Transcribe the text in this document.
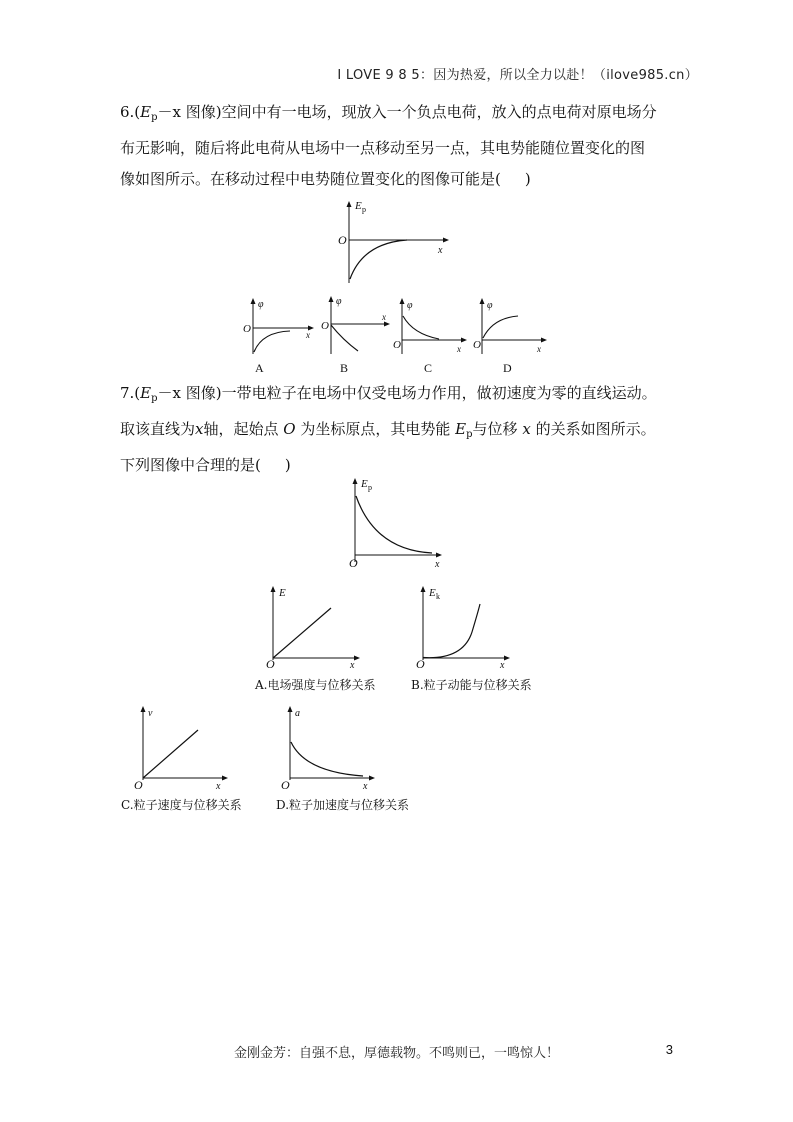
I LOVE 9 8 5：因为热爱，所以全力以赴！（ilove985.cn）
$6.(E_p-x$ 图像)空间中有一电场，现放入一个负点电荷，放入的点电荷对原电场分
布无影响，随后将此电荷从电场中一点移动至另一点，其电势能随位置变化的图
像如图所示。在移动过程中电势随位置变化的图像可能是( )
E p
x
O
φ
x
O
φ
x
O
φ
x
O
φ
x
O
A	B	C	D
$7.(E_p-x$ 图像)一带电粒子在电场中仅受电场力作用，做初速度为零的直线运动。
取该直线为x轴，起始点 O 为坐标原点，其电势能 $E_p$与位移 x 的关系如图所示。
下列图像中合理的是( )
E p
x
O
E
x
O
E k
x
O
A.电场强度与位移关系	B.粒子动能与位移关系
v
x
O
a
x
O
C.粒子速度与位移关系	D.粒子加速度与位移关系
金刚金芳：自强不息，厚德载物。不鸣则已，一鸣惊人！	3
